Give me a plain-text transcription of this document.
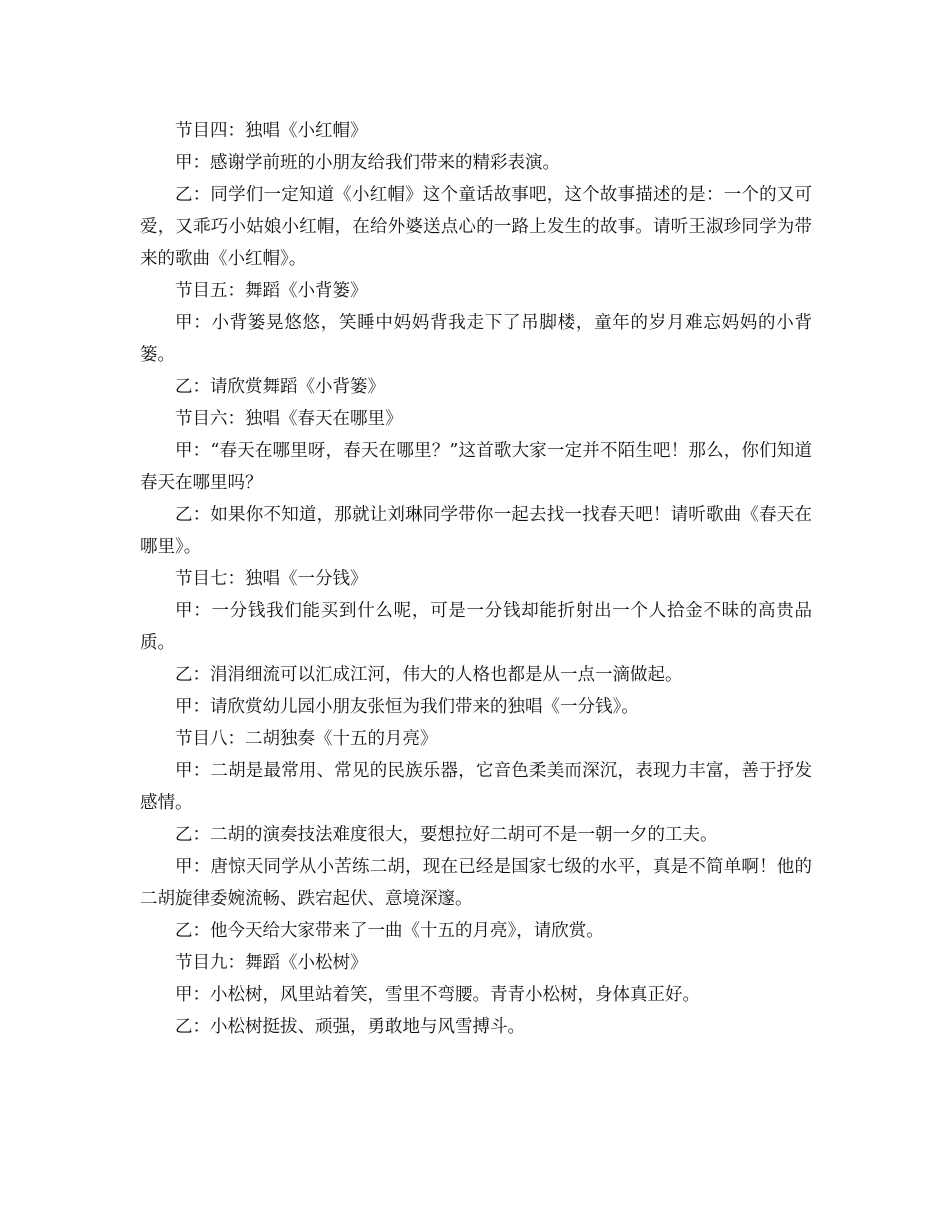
节目四：独唱《小红帽》

甲：感谢学前班的小朋友给我们带来的精彩表演。

乙：同学们一定知道《小红帽》这个童话故事吧，这个故事描述的是：一个的又可爱，又乖巧小姑娘小红帽，在给外婆送点心的一路上发生的故事。请听王淑珍同学为带来的歌曲《小红帽》。

节目五：舞蹈《小背篓》

甲：小背篓晃悠悠，笑睡中妈妈背我走下了吊脚楼，童年的岁月难忘妈妈的小背篓。

乙：请欣赏舞蹈《小背篓》

节目六：独唱《春天在哪里》

甲：“春天在哪里呀，春天在哪里？”这首歌大家一定并不陌生吧！那么，你们知道春天在哪里吗？

乙：如果你不知道，那就让刘琳同学带你一起去找一找春天吧！请听歌曲《春天在哪里》。

节目七：独唱《一分钱》

甲：一分钱我们能买到什么呢，可是一分钱却能折射出一个人拾金不昧的高贵品质。

乙：涓涓细流可以汇成江河，伟大的人格也都是从一点一滴做起。

甲：请欣赏幼儿园小朋友张恒为我们带来的独唱《一分钱》。

节目八：二胡独奏《十五的月亮》

甲：二胡是最常用、常见的民族乐器，它音色柔美而深沉，表现力丰富，善于抒发感情。

乙：二胡的演奏技法难度很大，要想拉好二胡可不是一朝一夕的工夫。

甲：唐惊天同学从小苦练二胡，现在已经是国家七级的水平，真是不简单啊！他的二胡旋律委婉流畅、跌宕起伏、意境深邃。

乙：他今天给大家带来了一曲《十五的月亮》，请欣赏。

节目九：舞蹈《小松树》

甲：小松树，风里站着笑，雪里不弯腰。青青小松树，身体真正好。

乙：小松树挺拔、顽强，勇敢地与风雪搏斗。
